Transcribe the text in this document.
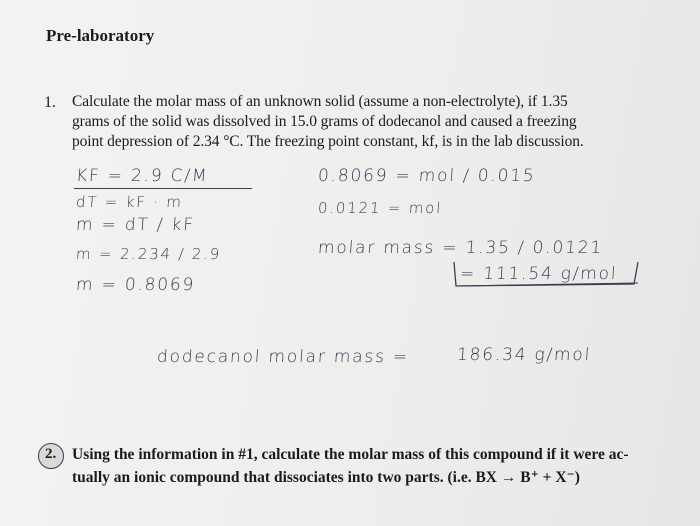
Pre-laboratory
1. Calculate the molar mass of an unknown solid (assume a non-electrolyte), if 1.35
grams of the solid was dissolved in 15.0 grams of dodecanol and caused a freezing
point depression of 2.34 °C. The freezing point constant, kf, is in the lab discussion.
KF = 2.9 C/M
dT = kF · m
m = dT / kF
m = 2.234 / 2.9
m = 0.8069
0.8069 = mol / 0.015
0.0121 = mol
molar mass = 1.35 / 0.0121
= 111.54 g/mol
dodecanol molar mass =	186.34 g/mol
2. Using the information in #1, calculate the molar mass of this compound if it were ac-
tually an ionic compound that dissociates into two parts. (i.e. BX → B⁺ + X⁻)
